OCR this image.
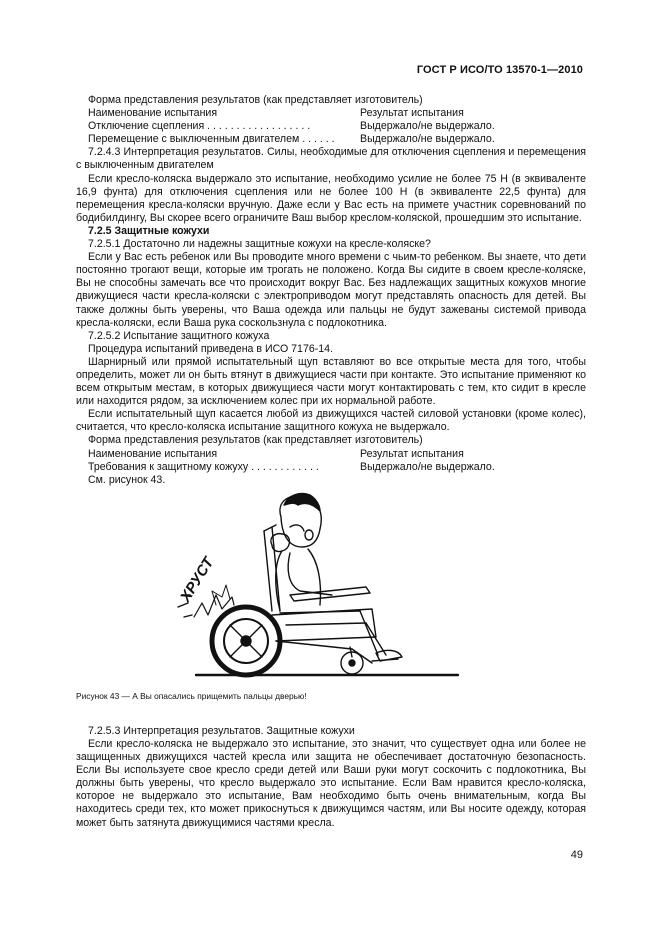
ГОСТ Р ИСО/ТО 13570-1—2010

Форма представления результатов (как представляет изготовитель)

Наименование испытания	Результат испытания
Отключение сцепления . . . . . . . . . . . . . . . . . .	Выдержало/не выдержало.
Перемещение с выключенным двигателем . . . . . . Выдержало/не выдержало.

7.2.4.3 Интерпретация результатов. Силы, необходимые для отключения сцепления и перемещения с выключенным двигателем

Если кресло-коляска выдержало это испытание, необходимо усилие не более 75 Н (в эквиваленте 16,9 фунта) для отключения сцепления или не более 100 Н (в эквиваленте 22,5 фунта) для перемещения кресла-коляски вручную. Даже если у Вас есть на примете участник соревнований по бодибилдингу, Вы скорее всего ограничите Ваш выбор креслом-коляской, прошедшим это испытание.

7.2.5 Защитные кожухи

7.2.5.1 Достаточно ли надежны защитные кожухи на кресле-коляске?

Если у Вас есть ребенок или Вы проводите много времени с чьим-то ребенком. Вы знаете, что дети постоянно трогают вещи, которые им трогать не положено. Когда Вы сидите в своем кресле-коляске, Вы не способны замечать все что происходит вокруг Вас. Без надлежащих защитных кожухов многие движущиеся части кресла-коляски с электроприводом могут представлять опасность для детей. Вы также должны быть уверены, что Ваша одежда или пальцы не будут зажеваны системой привода кресла-коляски, если Ваша рука соскользнула с подлокотника.

7.2.5.2 Испытание защитного кожуха

Процедура испытаний приведена в ИСО 7176-14.

Шарнирный или прямой испытательный щуп вставляют во все открытые места для того, чтобы определить, может ли он быть втянут в движущиеся части при контакте. Это испытание применяют ко всем открытым местам, в которых движущиеся части могут контактировать с тем, кто сидит в кресле или находится рядом, за исключением колес при их нормальной работе.

Если испытательный щуп касается любой из движущихся частей силовой установки (кроме колес), считается, что кресло-коляска испытание защитного кожуха не выдержало.

Форма представления результатов (как представляет изготовитель)

Наименование испытания	Результат испытания
Требования к защитному кожуху . . . . . . . . . . . .	Выдержало/не выдержало.

См. рисунок 43.

ХРУСТ

Рисунок 43 — А Вы опасались прищемить пальцы дверью!

7.2.5.3 Интерпретация результатов. Защитные кожухи

Если кресло-коляска не выдержало это испытание, это значит, что существует одна или более не защищенных движущихся частей кресла или защита не обеспечивает достаточную безопасность. Если Вы используете свое кресло среди детей или Ваши руки могут соскочить с подлокотника, Вы должны быть уверены, что кресло выдержало это испытание. Если Вам нравится кресло-коляска, которое не выдержало это испытание, Вам необходимо быть очень внимательным, когда Вы находитесь среди тех, кто может прикоснуться к движущимся частям, или Вы носите одежду, которая может быть затянута движущимися частями кресла.

49
